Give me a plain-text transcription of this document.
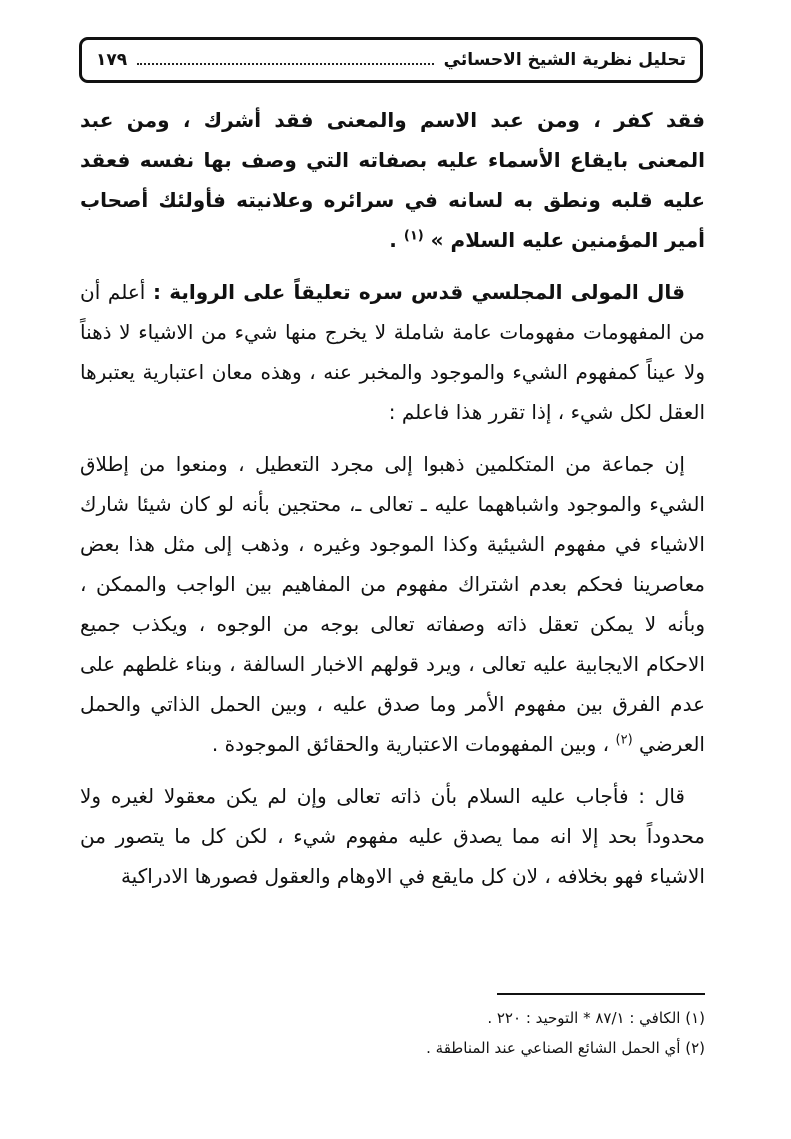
تحليل نظرية الشيخ الاحسائي
١٧٩

فقد كفر ، ومن عبد الاسم والمعنى فقد أشرك ، ومن عبد المعنى بايقاع الأسماء عليه بصفاته التي وصف بها نفسه فعقد عليه قلبه ونطق به لسانه في سرائره وعلانيته فأولئك أصحاب أمير المؤمنين عليه السلام » $^{(١)}$ .

قال المولى المجلسي قدس سره تعليقاً على الرواية : أعلم أن من المفهومات مفهومات عامة شاملة لا يخرج منها شيء من الاشياء لا ذهناً ولا عيناً كمفهوم الشيء والموجود والمخبر عنه ، وهذه معان اعتبارية يعتبرها العقل لكل شيء ، إذا تقرر هذا فاعلم :

إن جماعة من المتكلمين ذهبوا إلى مجرد التعطيل ، ومنعوا من إطلاق الشيء والموجود واشباههما عليه ـ تعالى ـ، محتجين بأنه لو كان شيئا شارك الاشياء في مفهوم الشيئية وكذا الموجود وغيره ، وذهب إلى مثل هذا بعض معاصرينا فحكم بعدم اشتراك مفهوم من المفاهيم بين الواجب والممكن ، وبأنه لا يمكن تعقل ذاته وصفاته تعالى بوجه من الوجوه ، ويكذب جميع الاحكام الايجابية عليه تعالى ، ويرد قولهم الاخبار السالفة ، وبناء غلطهم على عدم الفرق بين مفهوم الأمر وما صدق عليه ، وبين الحمل الذاتي والحمل العرضي $^{(٢)}$ ، وبين المفهومات الاعتبارية والحقائق الموجودة .

قال : فأجاب عليه السلام بأن ذاته تعالى وإن لم يكن معقولا لغيره ولا محدوداً بحد إلا انه مما يصدق عليه مفهوم شيء ، لكن كل ما يتصور من الاشياء فهو بخلافه ، لان كل مايقع في الاوهام والعقول فصورها الادراكية

(١) الكافي : ٨٧/١ * التوحيد : ٢٢٠ .

(٢) أي الحمل الشائع الصناعي عند المناطقة .
